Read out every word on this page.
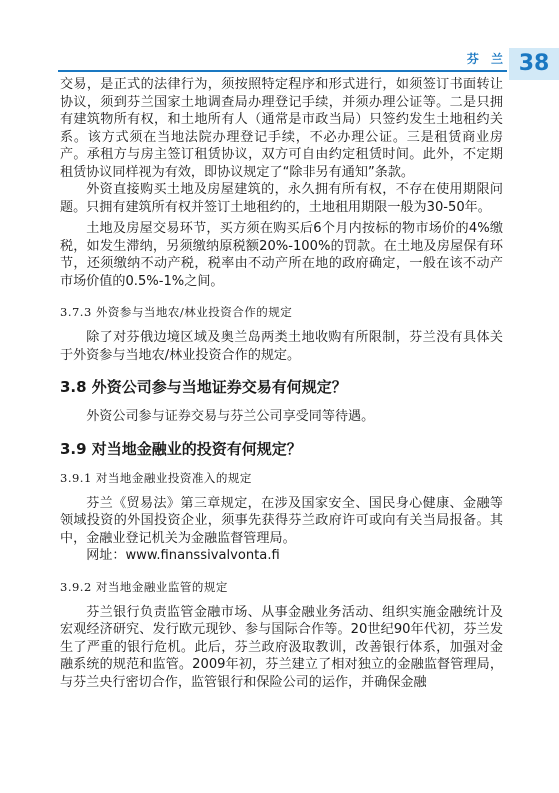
芬 兰 38

交易，是正式的法律行为，须按照特定程序和形式进行，如须签订书面转让协议，须到芬兰国家土地调查局办理登记手续，并须办理公证等。二是只拥有建筑物所有权，和土地所有人（通常是市政当局）只签约发生土地租约关系。该方式须在当地法院办理登记手续，不必办理公证。三是租赁商业房产。承租方与房主签订租赁协议，双方可自由约定租赁时间。此外，不定期租赁协议同样视为有效，即协议规定了“除非另有通知”条款。

外资直接购买土地及房屋建筑的，永久拥有所有权，不存在使用期限问题。只拥有建筑所有权并签订土地租约的，土地租用期限一般为30-50年。

土地及房屋交易环节，买方须在购买后6个月内按标的物市场价的4%缴税，如发生滞纳，另须缴纳原税额20%-100%的罚款。在土地及房屋保有环节，还须缴纳不动产税，税率由不动产所在地的政府确定，一般在该不动产市场价值的0.5%-1%之间。

3.7.3 外资参与当地农/林业投资合作的规定

除了对芬俄边境区域及奥兰岛两类土地收购有所限制，芬兰没有具体关于外资参与当地农/林业投资合作的规定。

3.8 外资公司参与当地证券交易有何规定？

外资公司参与证券交易与芬兰公司享受同等待遇。

3.9 对当地金融业的投资有何规定？
3.9.1 对当地金融业投资准入的规定

芬兰《贸易法》第三章规定，在涉及国家安全、国民身心健康、金融等领域投资的外国投资企业，须事先获得芬兰政府许可或向有关当局报备。其中，金融业登记机关为金融监督管理局。

网址：www.finanssivalvonta.fi

3.9.2 对当地金融业监管的规定

芬兰银行负责监管金融市场、从事金融业务活动、组织实施金融统计及宏观经济研究、发行欧元现钞、参与国际合作等。20世纪90年代初，芬兰发生了严重的银行危机。此后，芬兰政府汲取教训，改善银行体系，加强对金融系统的规范和监管。2009年初，芬兰建立了相对独立的金融监督管理局，与芬兰央行密切合作，监管银行和保险公司的运作，并确保金融
